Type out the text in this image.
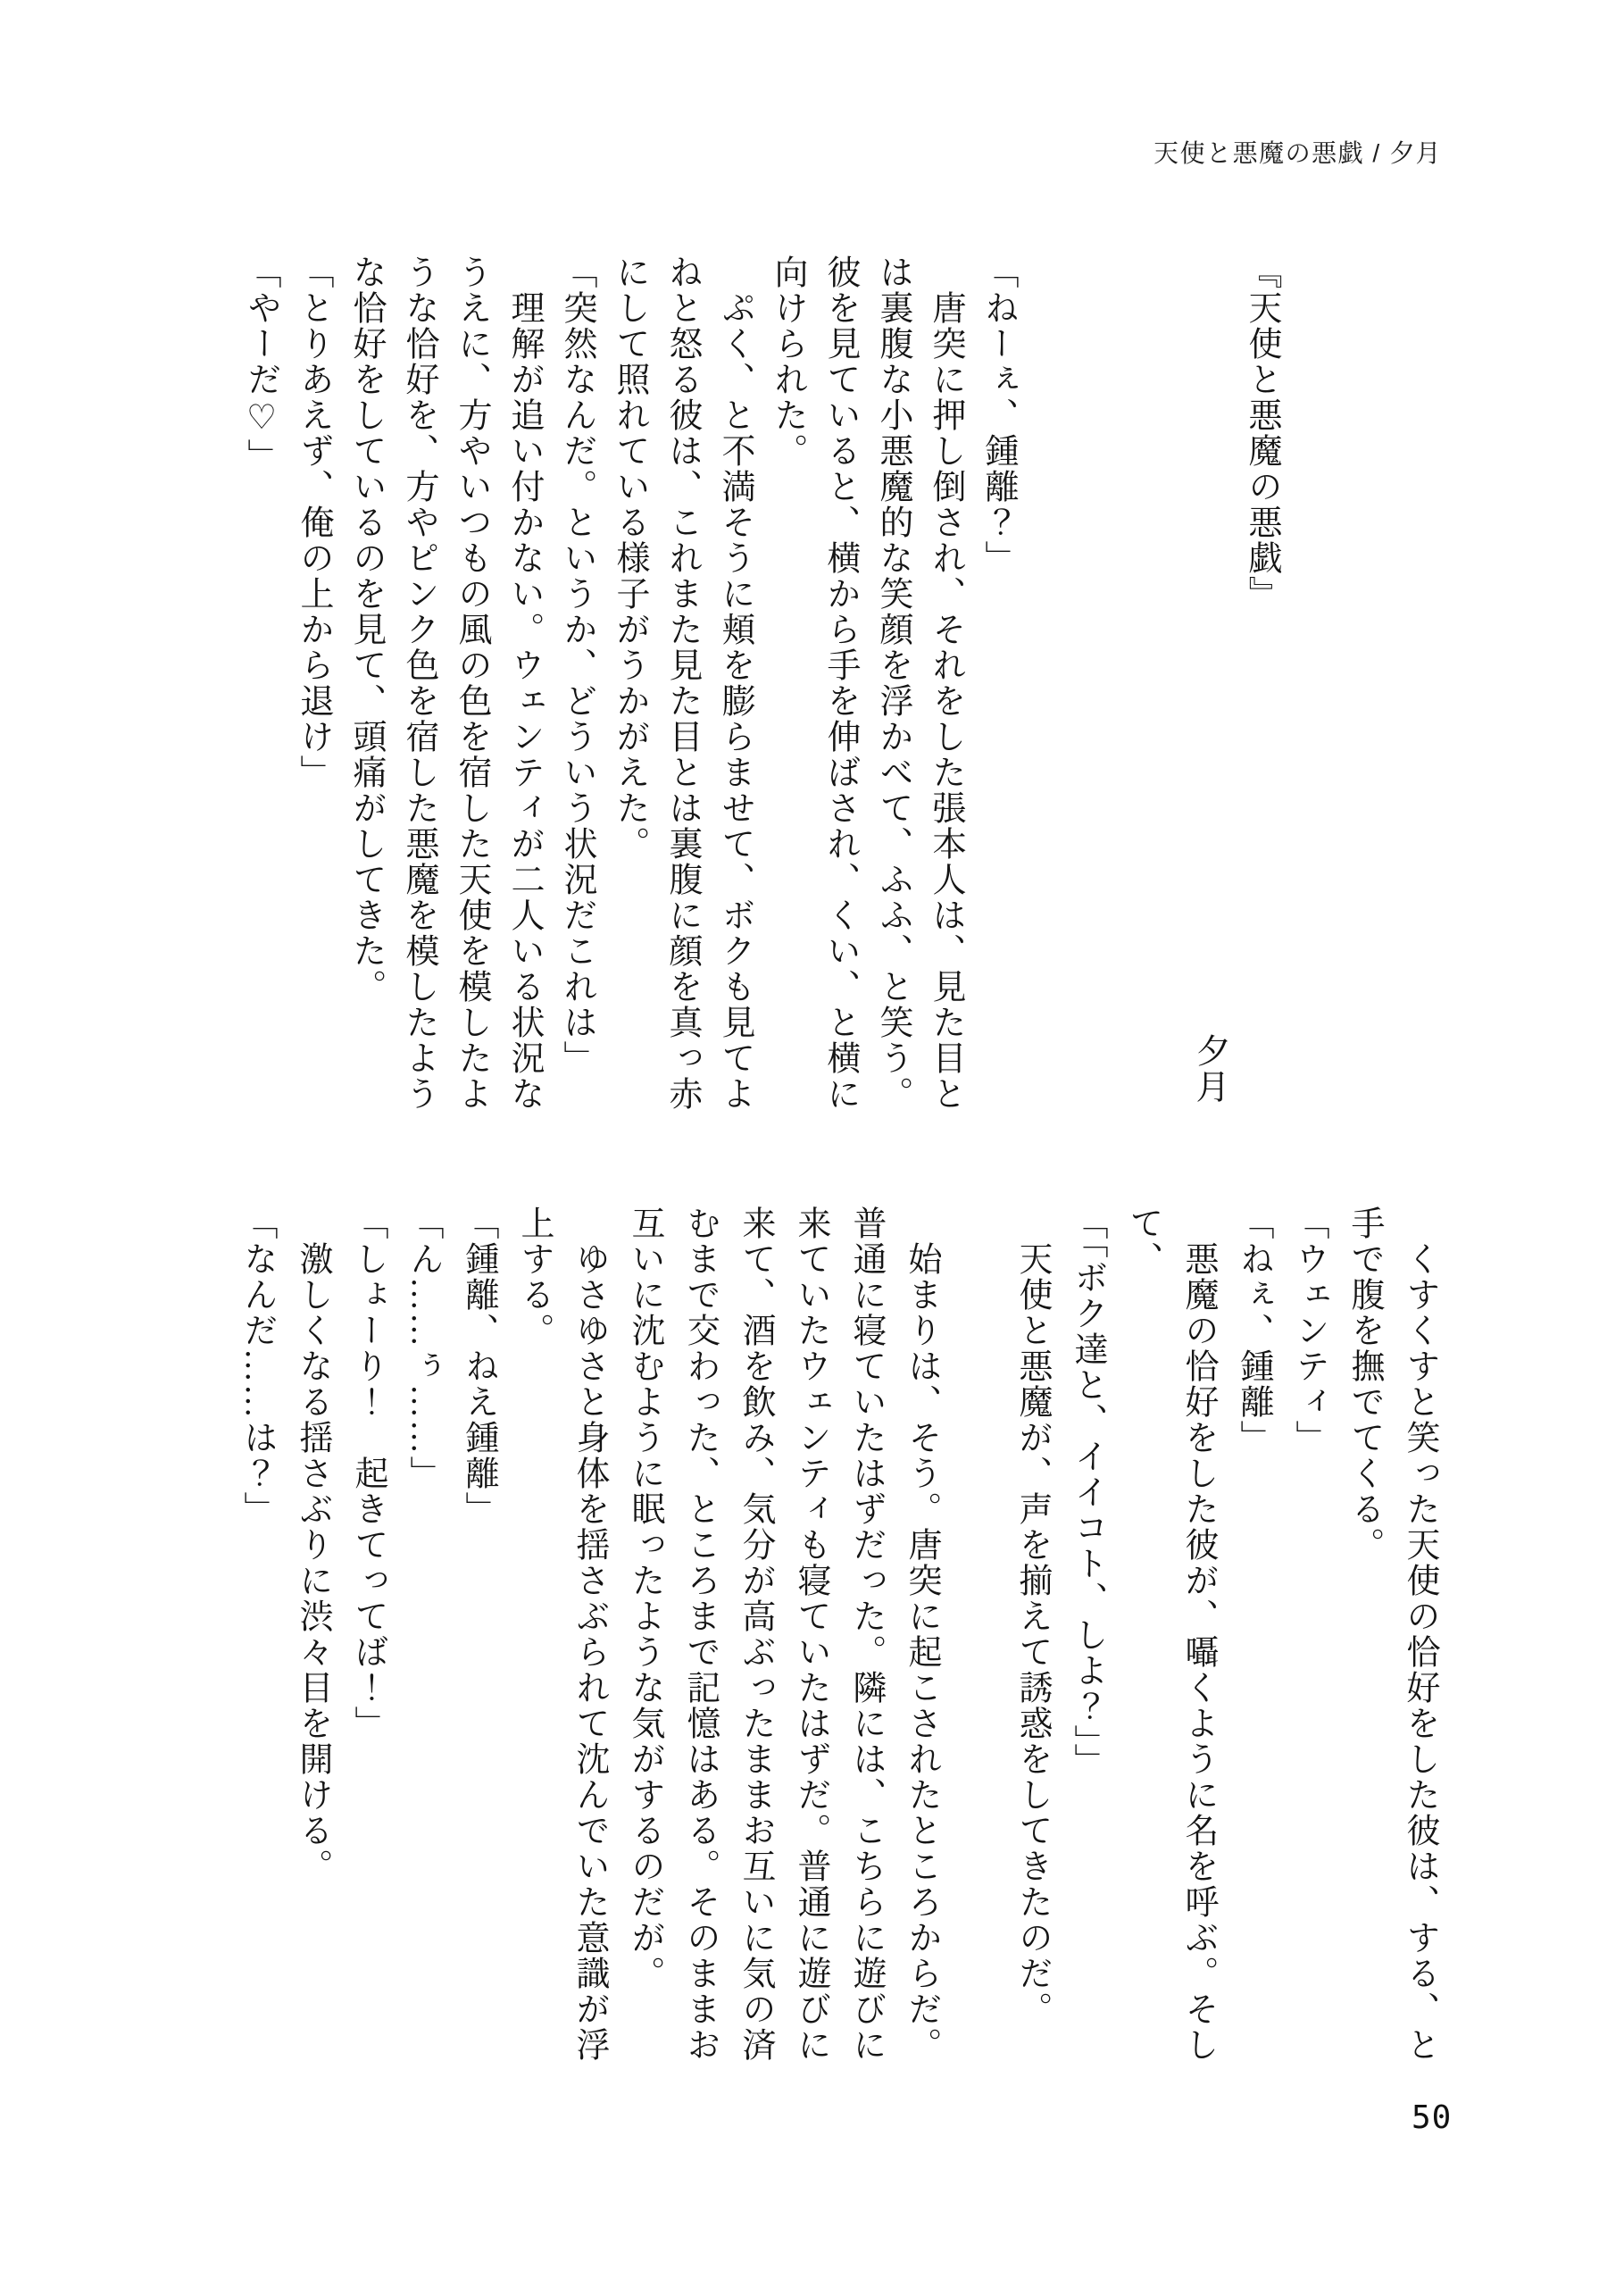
天使と悪魔の悪戯 / 夕月

『天使と悪魔の悪戯』

夕月

「ねーぇ、鍾離？」

　唐突に押し倒され、それをした張本人は、見た目と

は裏腹な小悪魔的な笑顔を浮かべて、ふふ、と笑う。

彼を見ていると、横から手を伸ばされ、くい、と横に

向けられた。

　ぷく、と不満そうに頬を膨らませて、ボクも見てよ

ねと怒る彼は、これまた見た目とは裏腹に顔を真っ赤

にして照れている様子がうかがえた。

「突然なんだ。というか、どういう状況だこれは」

　理解が追い付かない。ウェンティが二人いる状況な

うえに、方やいつもの風の色を宿した天使を模したよ

うな恰好を、方やピンク色を宿した悪魔を模したよう

な恰好をしているのを見て、頭痛がしてきた。

「とりあえず、俺の上から退け」

「やーだ♡」

　くすくすと笑った天使の恰好をした彼は、する、と

手で腹を撫でてくる。

「ウェンティ」

「ねぇ、鍾離」

　悪魔の恰好をした彼が、囁くように名を呼ぶ。そし

て、

「「ボク達と、イイコト、しよ？」」

　天使と悪魔が、声を揃えて誘惑をしてきたのだ。

　始まりは、そう。唐突に起こされたところからだ。

普通に寝ていたはずだった。隣には、こちらに遊びに

来ていたウェンティも寝ていたはずだ。普通に遊びに

来て、酒を飲み、気分が高ぶったままお互いに気の済

むまで交わった、ところまで記憶はある。そのままお

互いに沈むように眠ったような気がするのだが。

　ゆさゆさと身体を揺さぶられて沈んでいた意識が浮

上する。

「鍾離、ねえ鍾離」

「ん……ぅ……」

「しょーり！　起きてってば！」

　激しくなる揺さぶりに渋々目を開ける。

「なんだ……は？」

50
